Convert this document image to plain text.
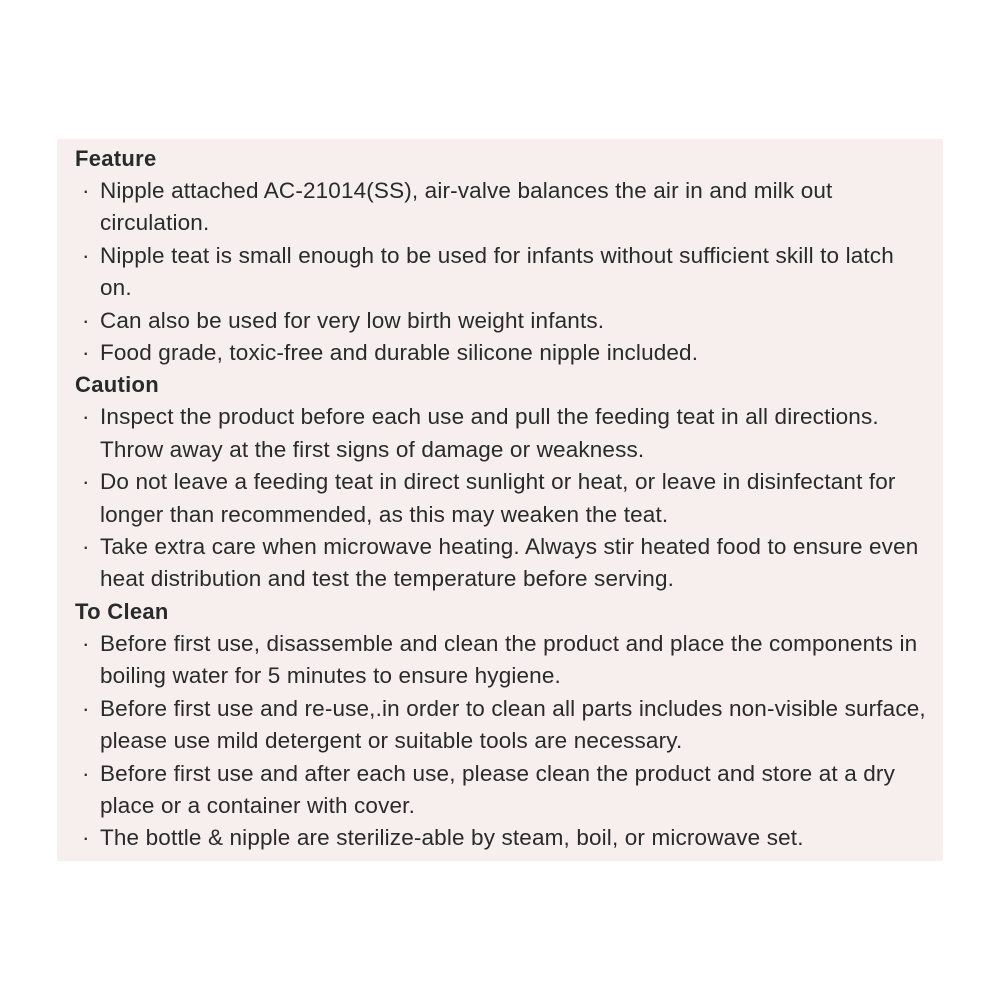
Feature
· Nipple attached AC-21014(SS), air-valve balances the air in and milk out circulation.
· Nipple teat is small enough to be used for infants without sufficient skill to latch on.
· Can also be used for very low birth weight infants.
· Food grade, toxic-free and durable silicone nipple included.
Caution
· Inspect the product before each use and pull the feeding teat in all directions. Throw away at the first signs of damage or weakness.
· Do not leave a feeding teat in direct sunlight or heat, or leave in disinfectant for longer than recommended, as this may weaken the teat.
· Take extra care when microwave heating. Always stir heated food to ensure even heat distribution and test the temperature before serving.
To Clean
· Before first use, disassemble and clean the product and place the components in boiling water for 5 minutes to ensure hygiene.
· Before first use and re-use,.in order to clean all parts includes non-visible surface, please use mild detergent or suitable tools are necessary.
· Before first use and after each use, please clean the product and store at a dry place or a container with cover.
· The bottle & nipple are sterilize-able by steam, boil, or microwave set.
